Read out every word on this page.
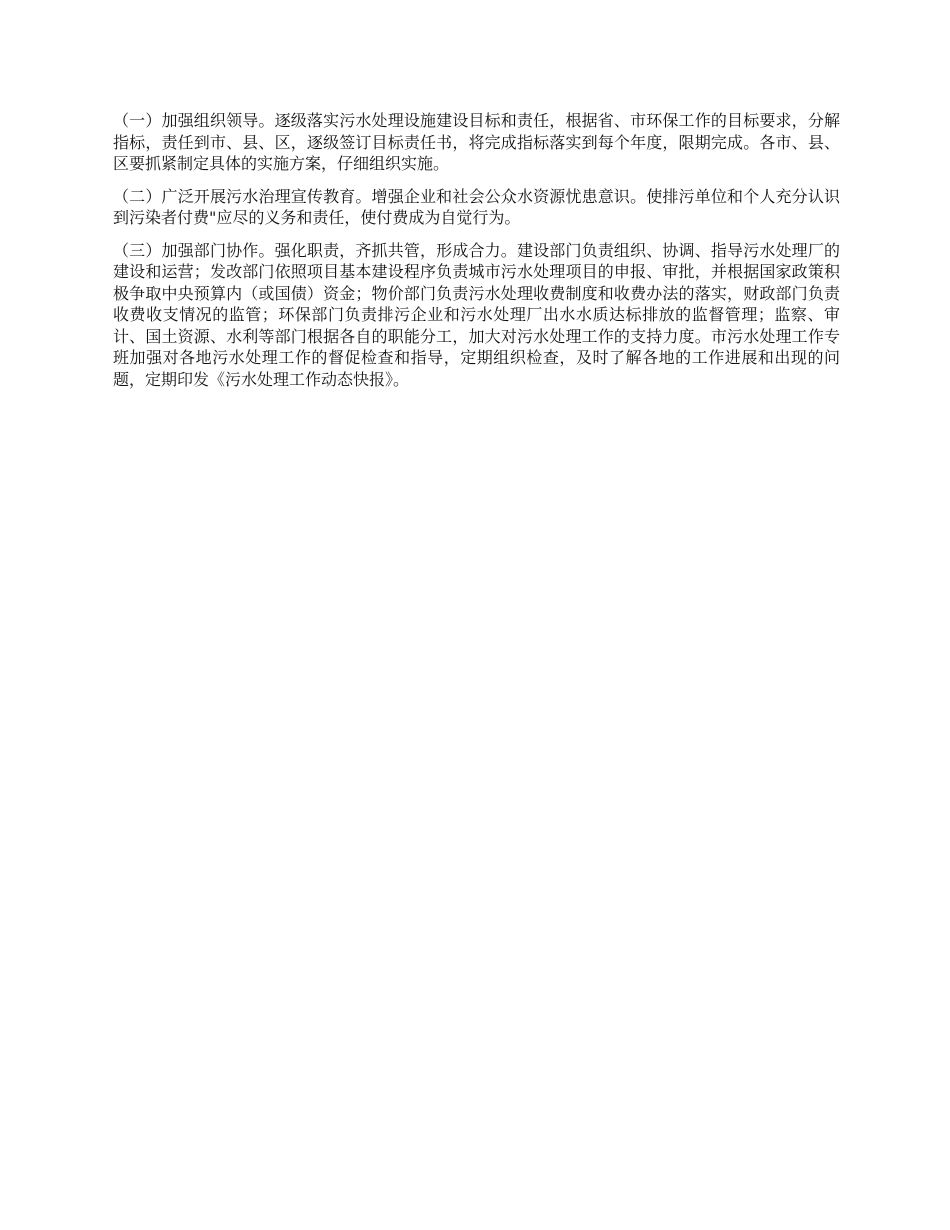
（一）加强组织领导。逐级落实污水处理设施建设目标和责任，根据省、市环保工作的目标要求，分解指标，责任到市、县、区，逐级签订目标责任书，将完成指标落实到每个年度，限期完成。各市、县、区要抓紧制定具体的实施方案，仔细组织实施。

（二）广泛开展污水治理宣传教育。增强企业和社会公众水资源忧患意识。使排污单位和个人充分认识到污染者付费"应尽的义务和责任，使付费成为自觉行为。

（三）加强部门协作。强化职责，齐抓共管，形成合力。建设部门负责组织、协调、指导污水处理厂的建设和运营；发改部门依照项目基本建设程序负责城市污水处理项目的申报、审批，并根据国家政策积极争取中央预算内（或国债）资金；物价部门负责污水处理收费制度和收费办法的落实，财政部门负责收费收支情况的监管；环保部门负责排污企业和污水处理厂出水水质达标排放的监督管理；监察、审计、国土资源、水利等部门根据各自的职能分工，加大对污水处理工作的支持力度。市污水处理工作专班加强对各地污水处理工作的督促检查和指导，定期组织检查，及时了解各地的工作进展和出现的问题，定期印发《污水处理工作动态快报》。
